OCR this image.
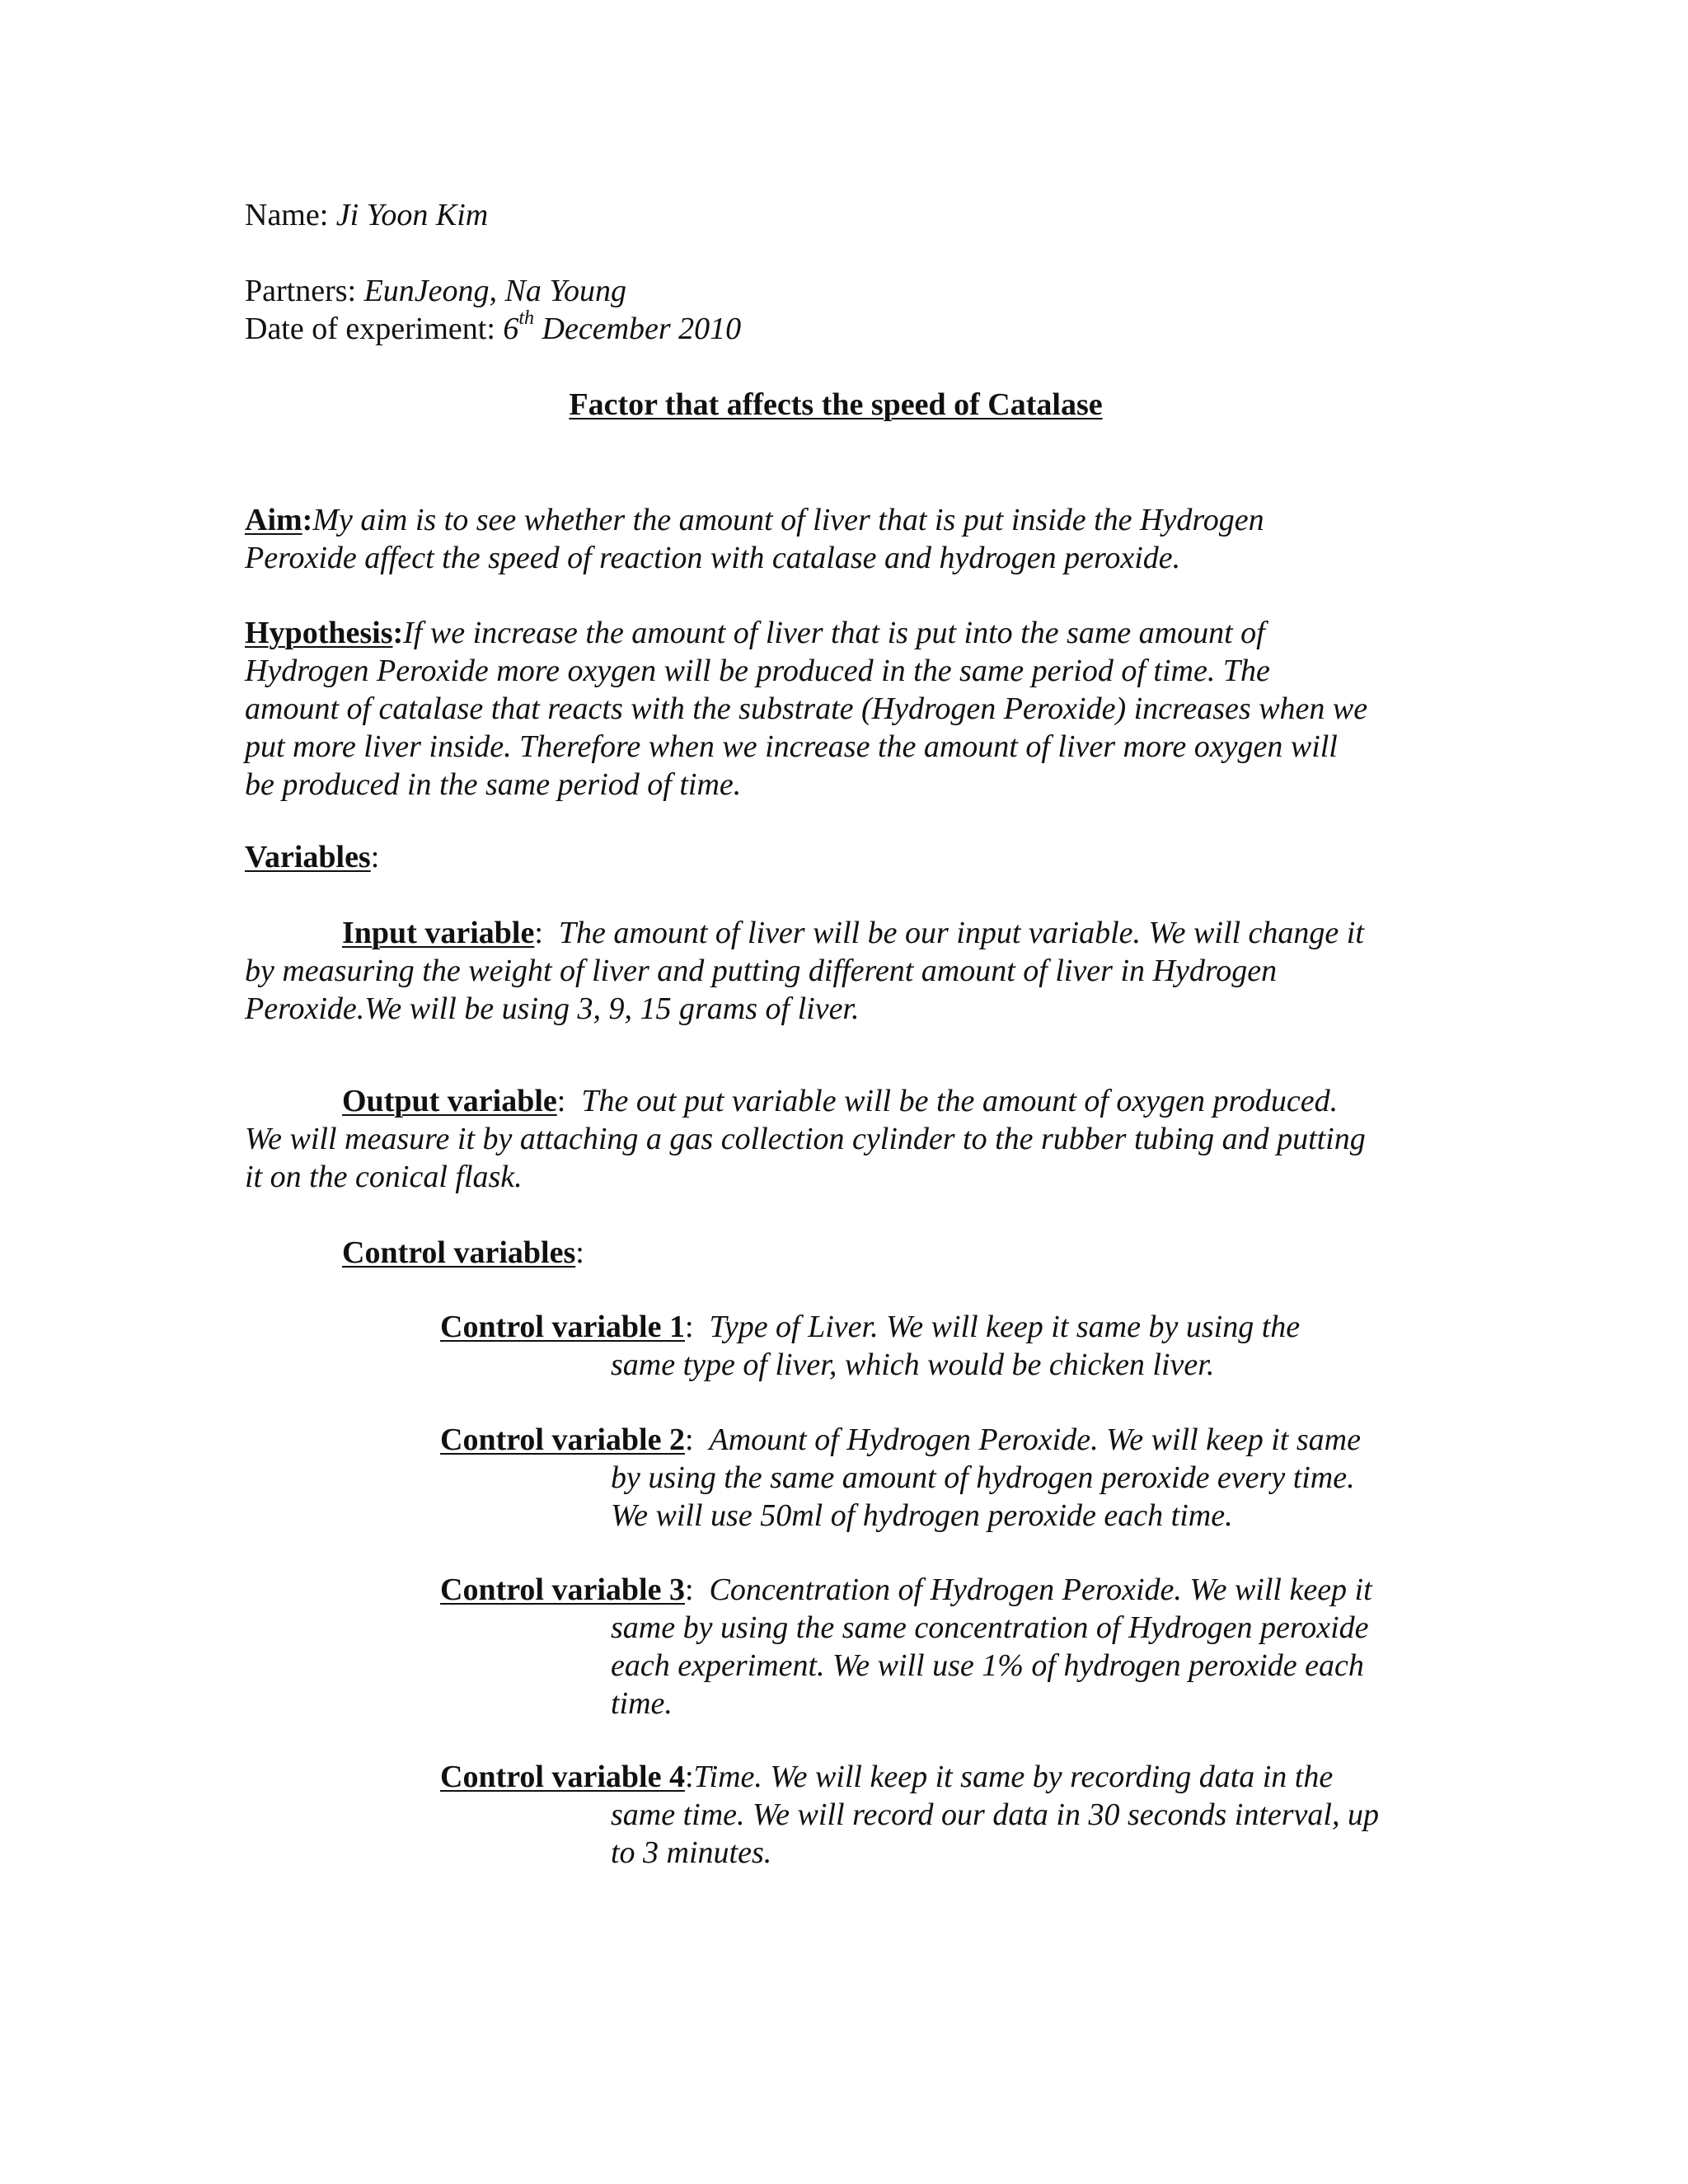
Name: Ji Yoon Kim
Partners: EunJeong, Na Young
Date of experiment: 6th December 2010
Factor that affects the speed of Catalase
Aim:My aim is to see whether the amount of liver that is put inside the Hydrogen
Peroxide affect the speed of reaction with catalase and hydrogen peroxide.
Hypothesis:If we increase the amount of liver that is put into the same amount of
Hydrogen Peroxide more oxygen will be produced in the same period of time. The
amount of catalase that reacts with the substrate (Hydrogen Peroxide) increases when we
put more liver inside. Therefore when we increase the amount of liver more oxygen will
be produced in the same period of time.
Variables:
Input variable: The amount of liver will be our input variable. We will change it
by measuring the weight of liver and putting different amount of liver in Hydrogen
Peroxide.We will be using 3, 9, 15 grams of liver.
Output variable: The out put variable will be the amount of oxygen produced.
We will measure it by attaching a gas collection cylinder to the rubber tubing and putting
it on the conical flask.
Control variables:
Control variable 1: Type of Liver. We will keep it same by using the
same type of liver, which would be chicken liver.
Control variable 2: Amount of Hydrogen Peroxide. We will keep it same
by using the same amount of hydrogen peroxide every time.
We will use 50ml of hydrogen peroxide each time.
Control variable 3: Concentration of Hydrogen Peroxide. We will keep it
same by using the same concentration of Hydrogen peroxide
each experiment. We will use 1% of hydrogen peroxide each
time.
Control variable 4:Time. We will keep it same by recording data in the
same time. We will record our data in 30 seconds interval, up
to 3 minutes.
